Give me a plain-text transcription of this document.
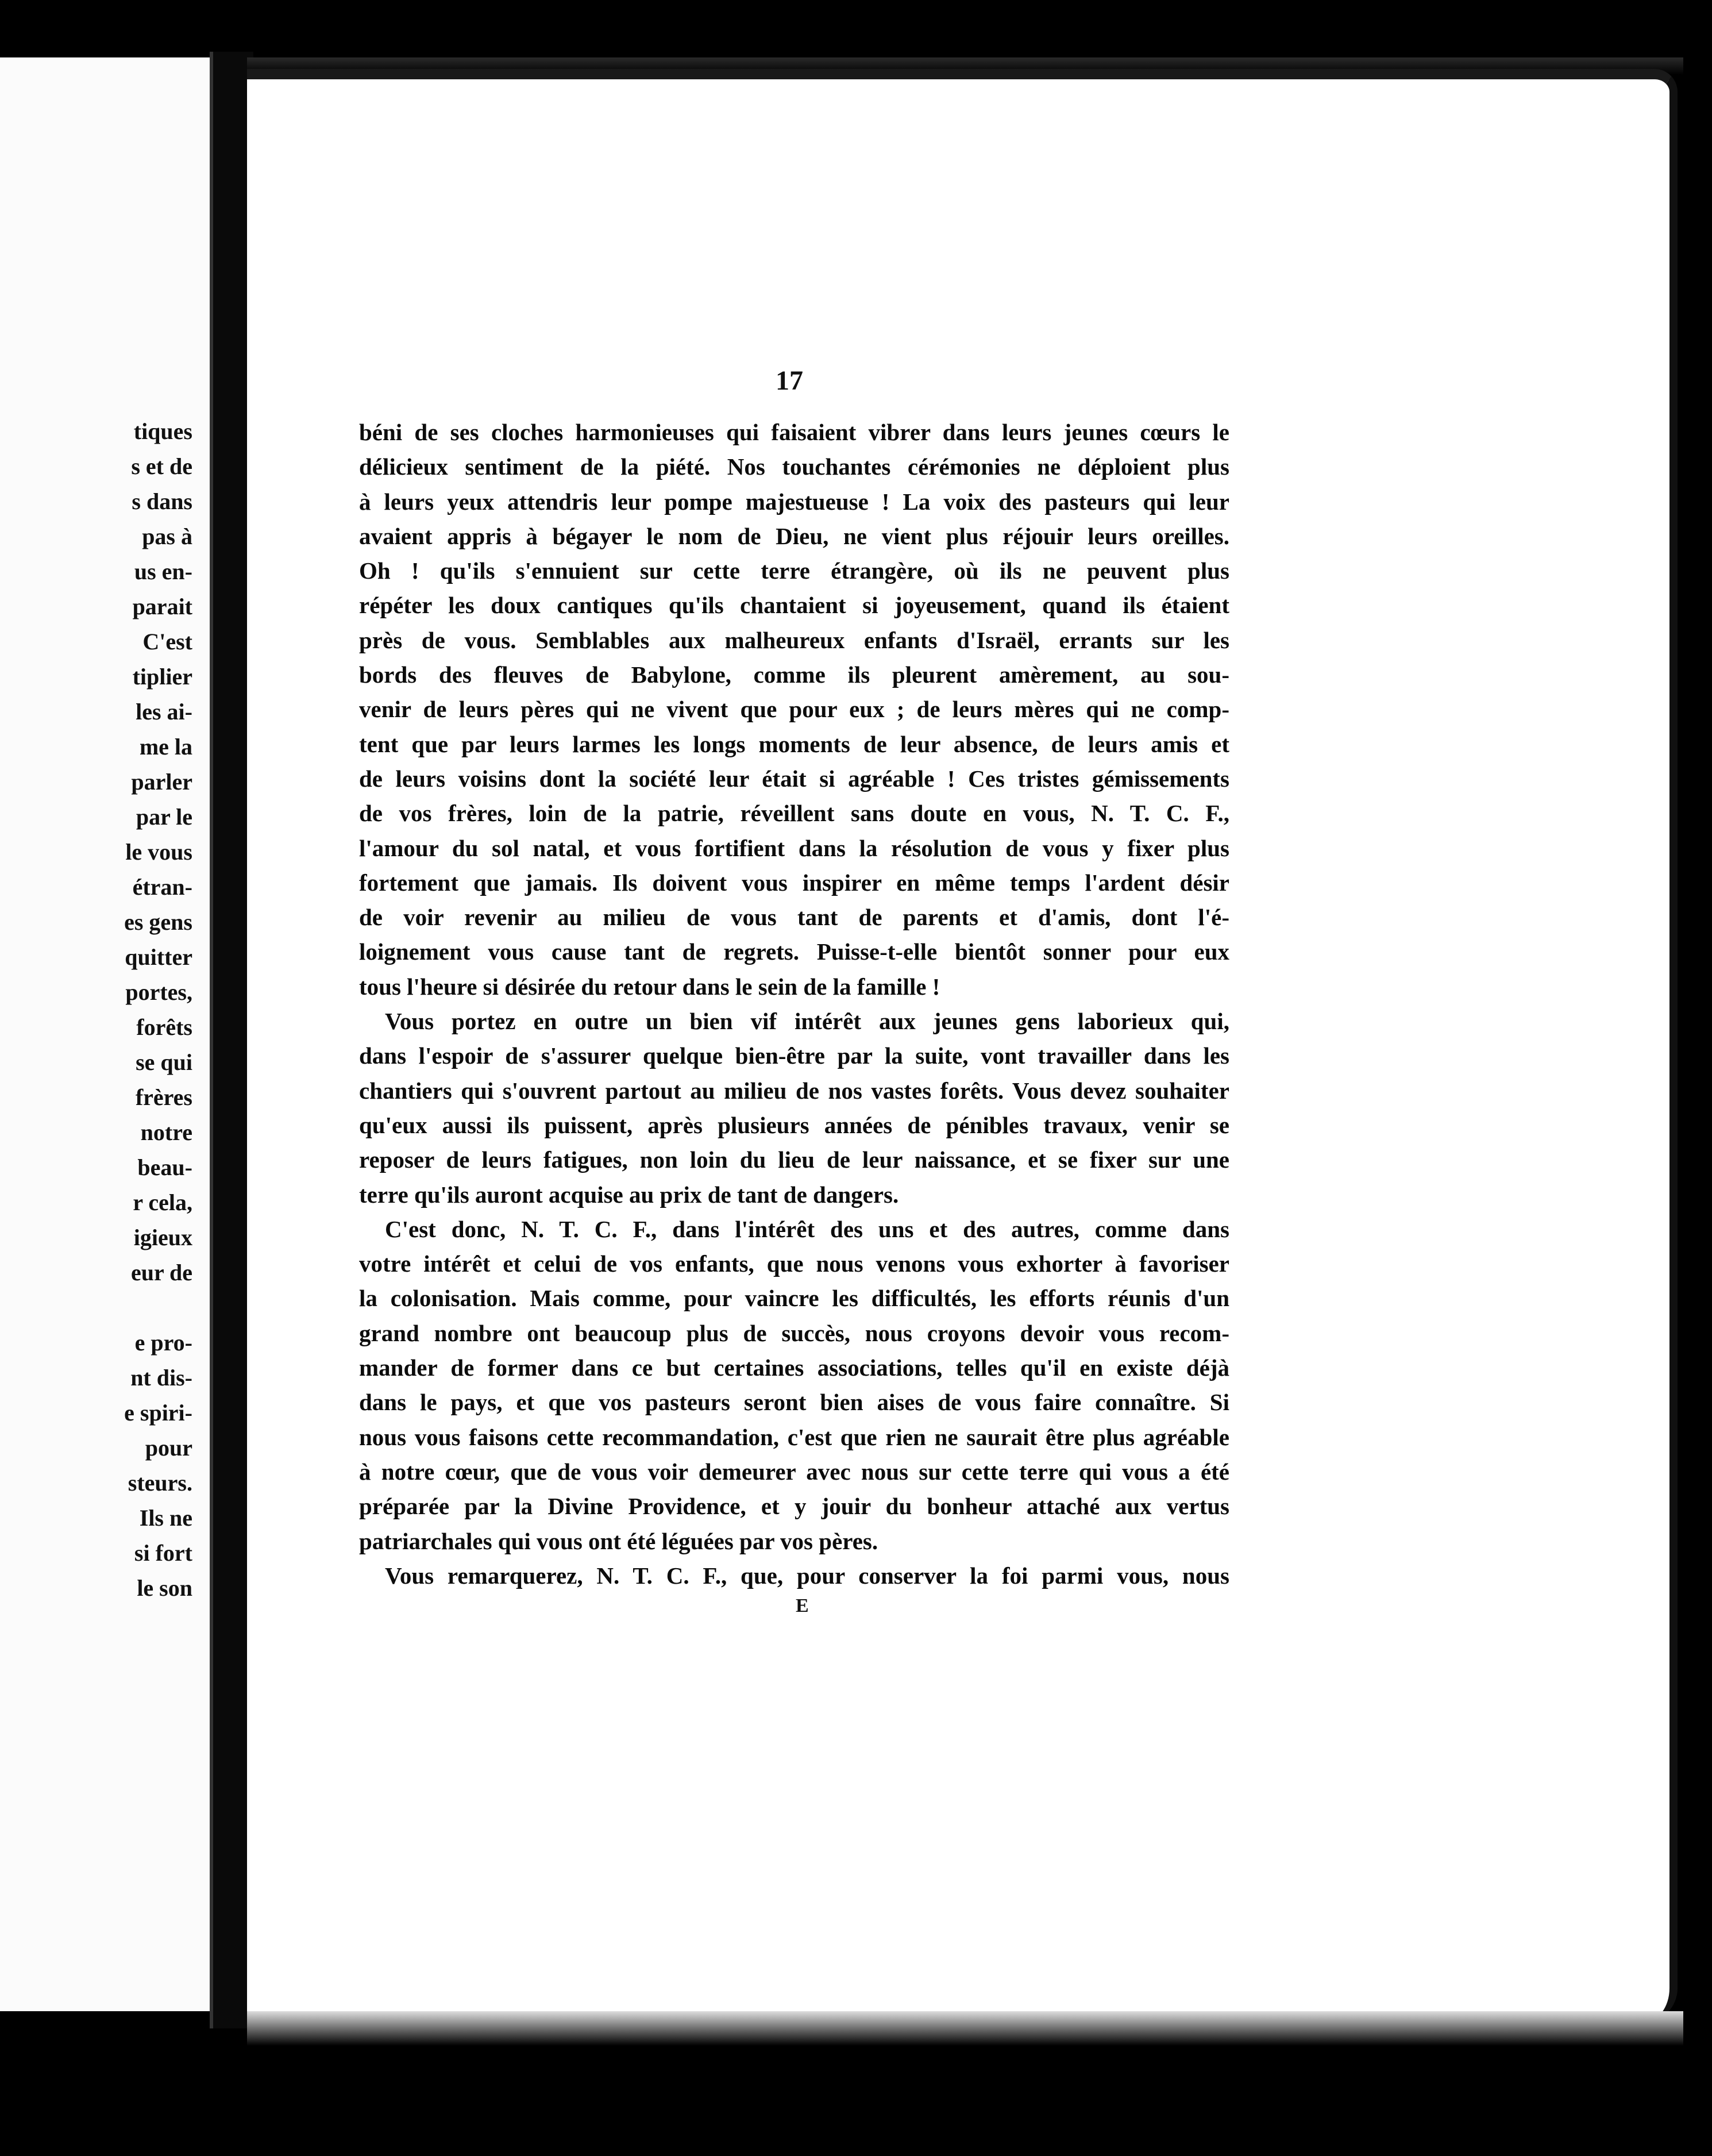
tiques
s et de
s dans
pas à
us en-
parait
C'est
tiplier
les ai-
me la
parler
par le
le vous
étran-
es gens
quitter
portes,
forêts
se qui
frères
notre
beau-
r cela,
igieux
eur de
e pro-
nt dis-
e spiri-
pour
steurs.
Ils ne
si fort
le son
17
béni de ses cloches harmonieuses qui faisaient vibrer dans leurs jeunes cœurs le
délicieux sentiment de la piété. Nos touchantes cérémonies ne déploient plus
à leurs yeux attendris leur pompe majestueuse ! La voix des pasteurs qui leur
avaient appris à bégayer le nom de Dieu, ne vient plus réjouir leurs oreilles.
Oh ! qu'ils s'ennuient sur cette terre étrangère, où ils ne peuvent plus
répéter les doux cantiques qu'ils chantaient si joyeusement, quand ils étaient
près de vous. Semblables aux malheureux enfants d'Israël, errants sur les
bords des fleuves de Babylone, comme ils pleurent amèrement, au sou-
venir de leurs pères qui ne vivent que pour eux ; de leurs mères qui ne comp-
tent que par leurs larmes les longs moments de leur absence, de leurs amis et
de leurs voisins dont la société leur était si agréable ! Ces tristes gémissements
de vos frères, loin de la patrie, réveillent sans doute en vous, N. T. C. F.,
l'amour du sol natal, et vous fortifient dans la résolution de vous y fixer plus
fortement que jamais. Ils doivent vous inspirer en même temps l'ardent désir
de voir revenir au milieu de vous tant de parents et d'amis, dont l'é-
loignement vous cause tant de regrets. Puisse-t-elle bientôt sonner pour eux
tous l'heure si désirée du retour dans le sein de la famille !
Vous portez en outre un bien vif intérêt aux jeunes gens laborieux qui,
dans l'espoir de s'assurer quelque bien-être par la suite, vont travailler dans les
chantiers qui s'ouvrent partout au milieu de nos vastes forêts. Vous devez souhaiter
qu'eux aussi ils puissent, après plusieurs années de pénibles travaux, venir se
reposer de leurs fatigues, non loin du lieu de leur naissance, et se fixer sur une
terre qu'ils auront acquise au prix de tant de dangers.
C'est donc, N. T. C. F., dans l'intérêt des uns et des autres, comme dans
votre intérêt et celui de vos enfants, que nous venons vous exhorter à favoriser
la colonisation. Mais comme, pour vaincre les difficultés, les efforts réunis d'un
grand nombre ont beaucoup plus de succès, nous croyons devoir vous recom-
mander de former dans ce but certaines associations, telles qu'il en existe déjà
dans le pays, et que vos pasteurs seront bien aises de vous faire connaître. Si
nous vous faisons cette recommandation, c'est que rien ne saurait être plus agréable
à notre cœur, que de vous voir demeurer avec nous sur cette terre qui vous a été
préparée par la Divine Providence, et y jouir du bonheur attaché aux vertus
patriarchales qui vous ont été léguées par vos pères.
Vous remarquerez, N. T. C. F., que, pour conserver la foi parmi vous, nous
E
